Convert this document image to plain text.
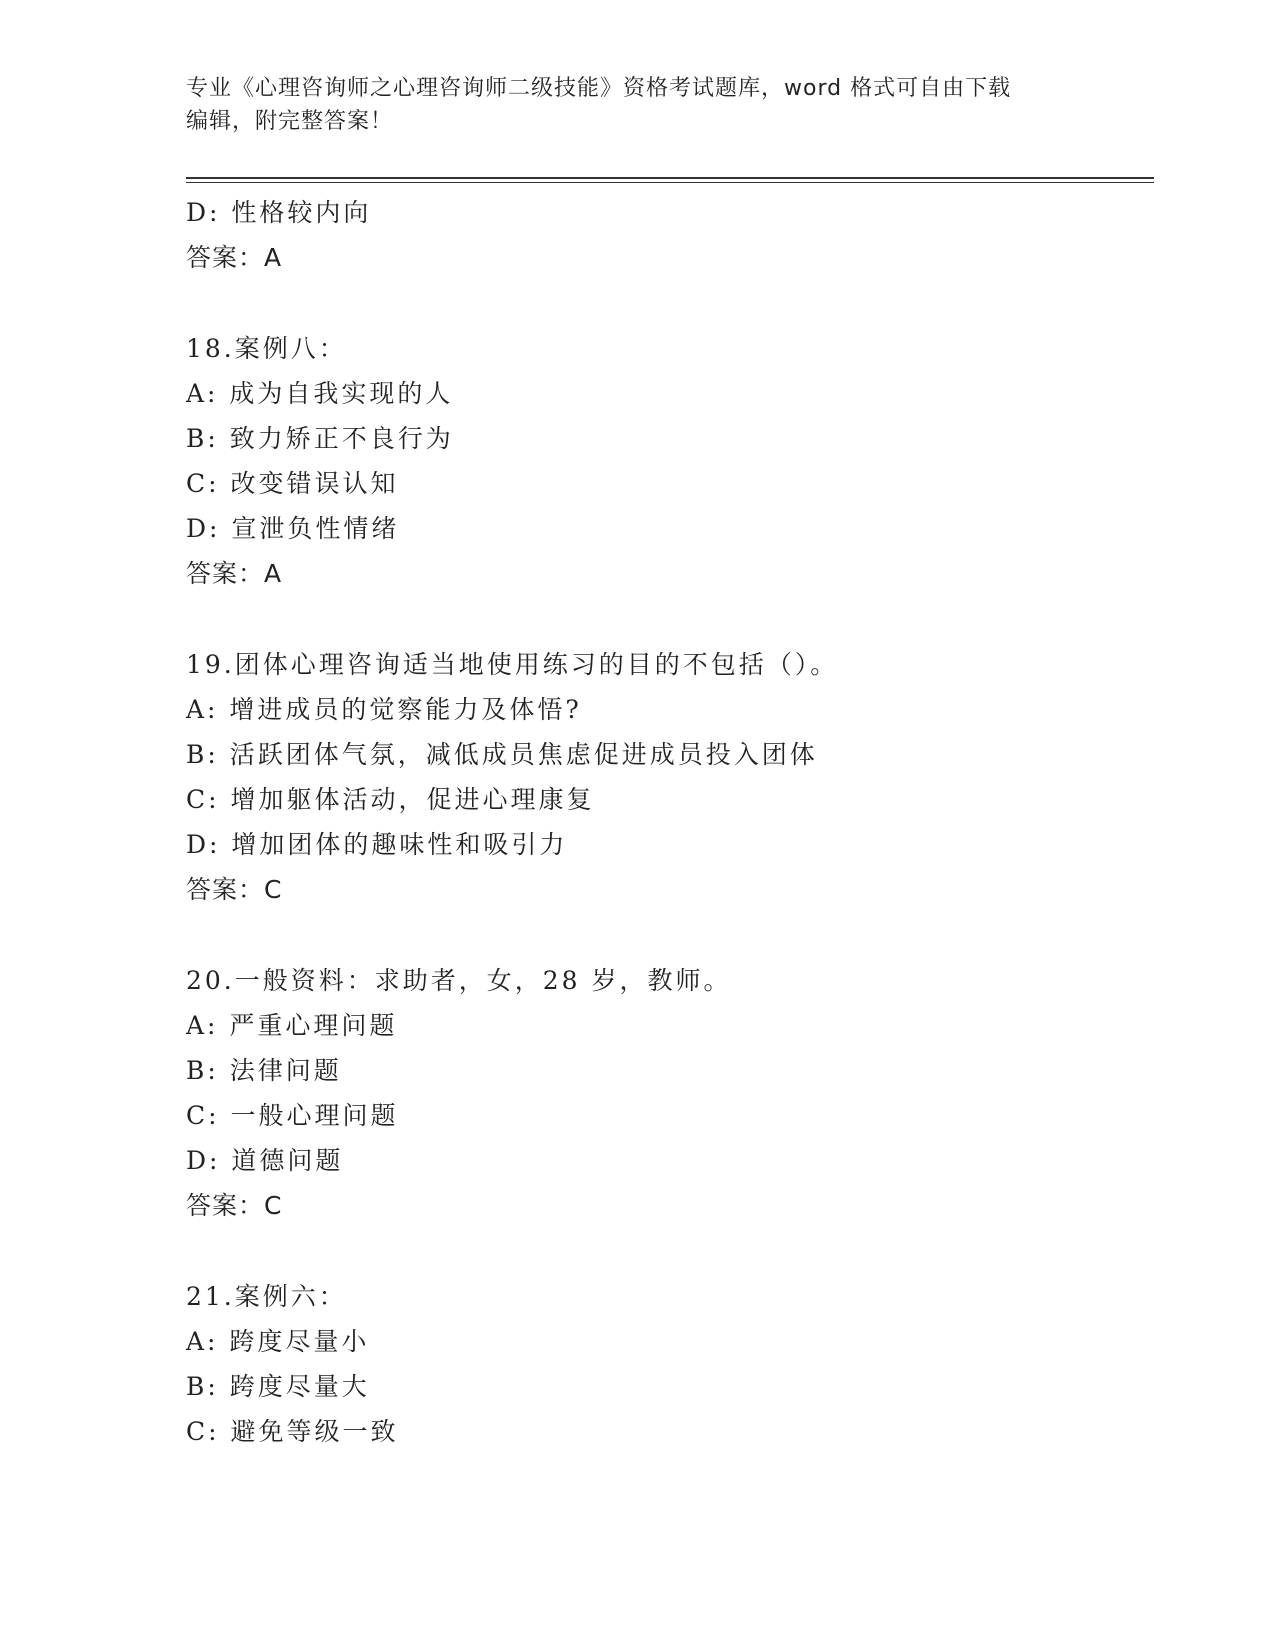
专业《心理咨询师之心理咨询师二级技能》资格考试题库，word 格式可自由下载
编辑，附完整答案！
D: 性格较内向
答案：A
18.案例八：
A: 成为自我实现的人
B: 致力矫正不良行为
C: 改变错误认知
D: 宣泄负性情绪
答案：A
19.团体心理咨询适当地使用练习的目的不包括（）。
A: 增进成员的觉察能力及体悟?
B: 活跃团体气氛，减低成员焦虑促进成员投入团体
C: 增加躯体活动，促进心理康复
D: 增加团体的趣味性和吸引力
答案：C
20.一般资料：求助者，女，28 岁，教师。
A: 严重心理问题
B: 法律问题
C: 一般心理问题
D: 道德问题
答案：C
21.案例六：
A: 跨度尽量小
B: 跨度尽量大
C: 避免等级一致
